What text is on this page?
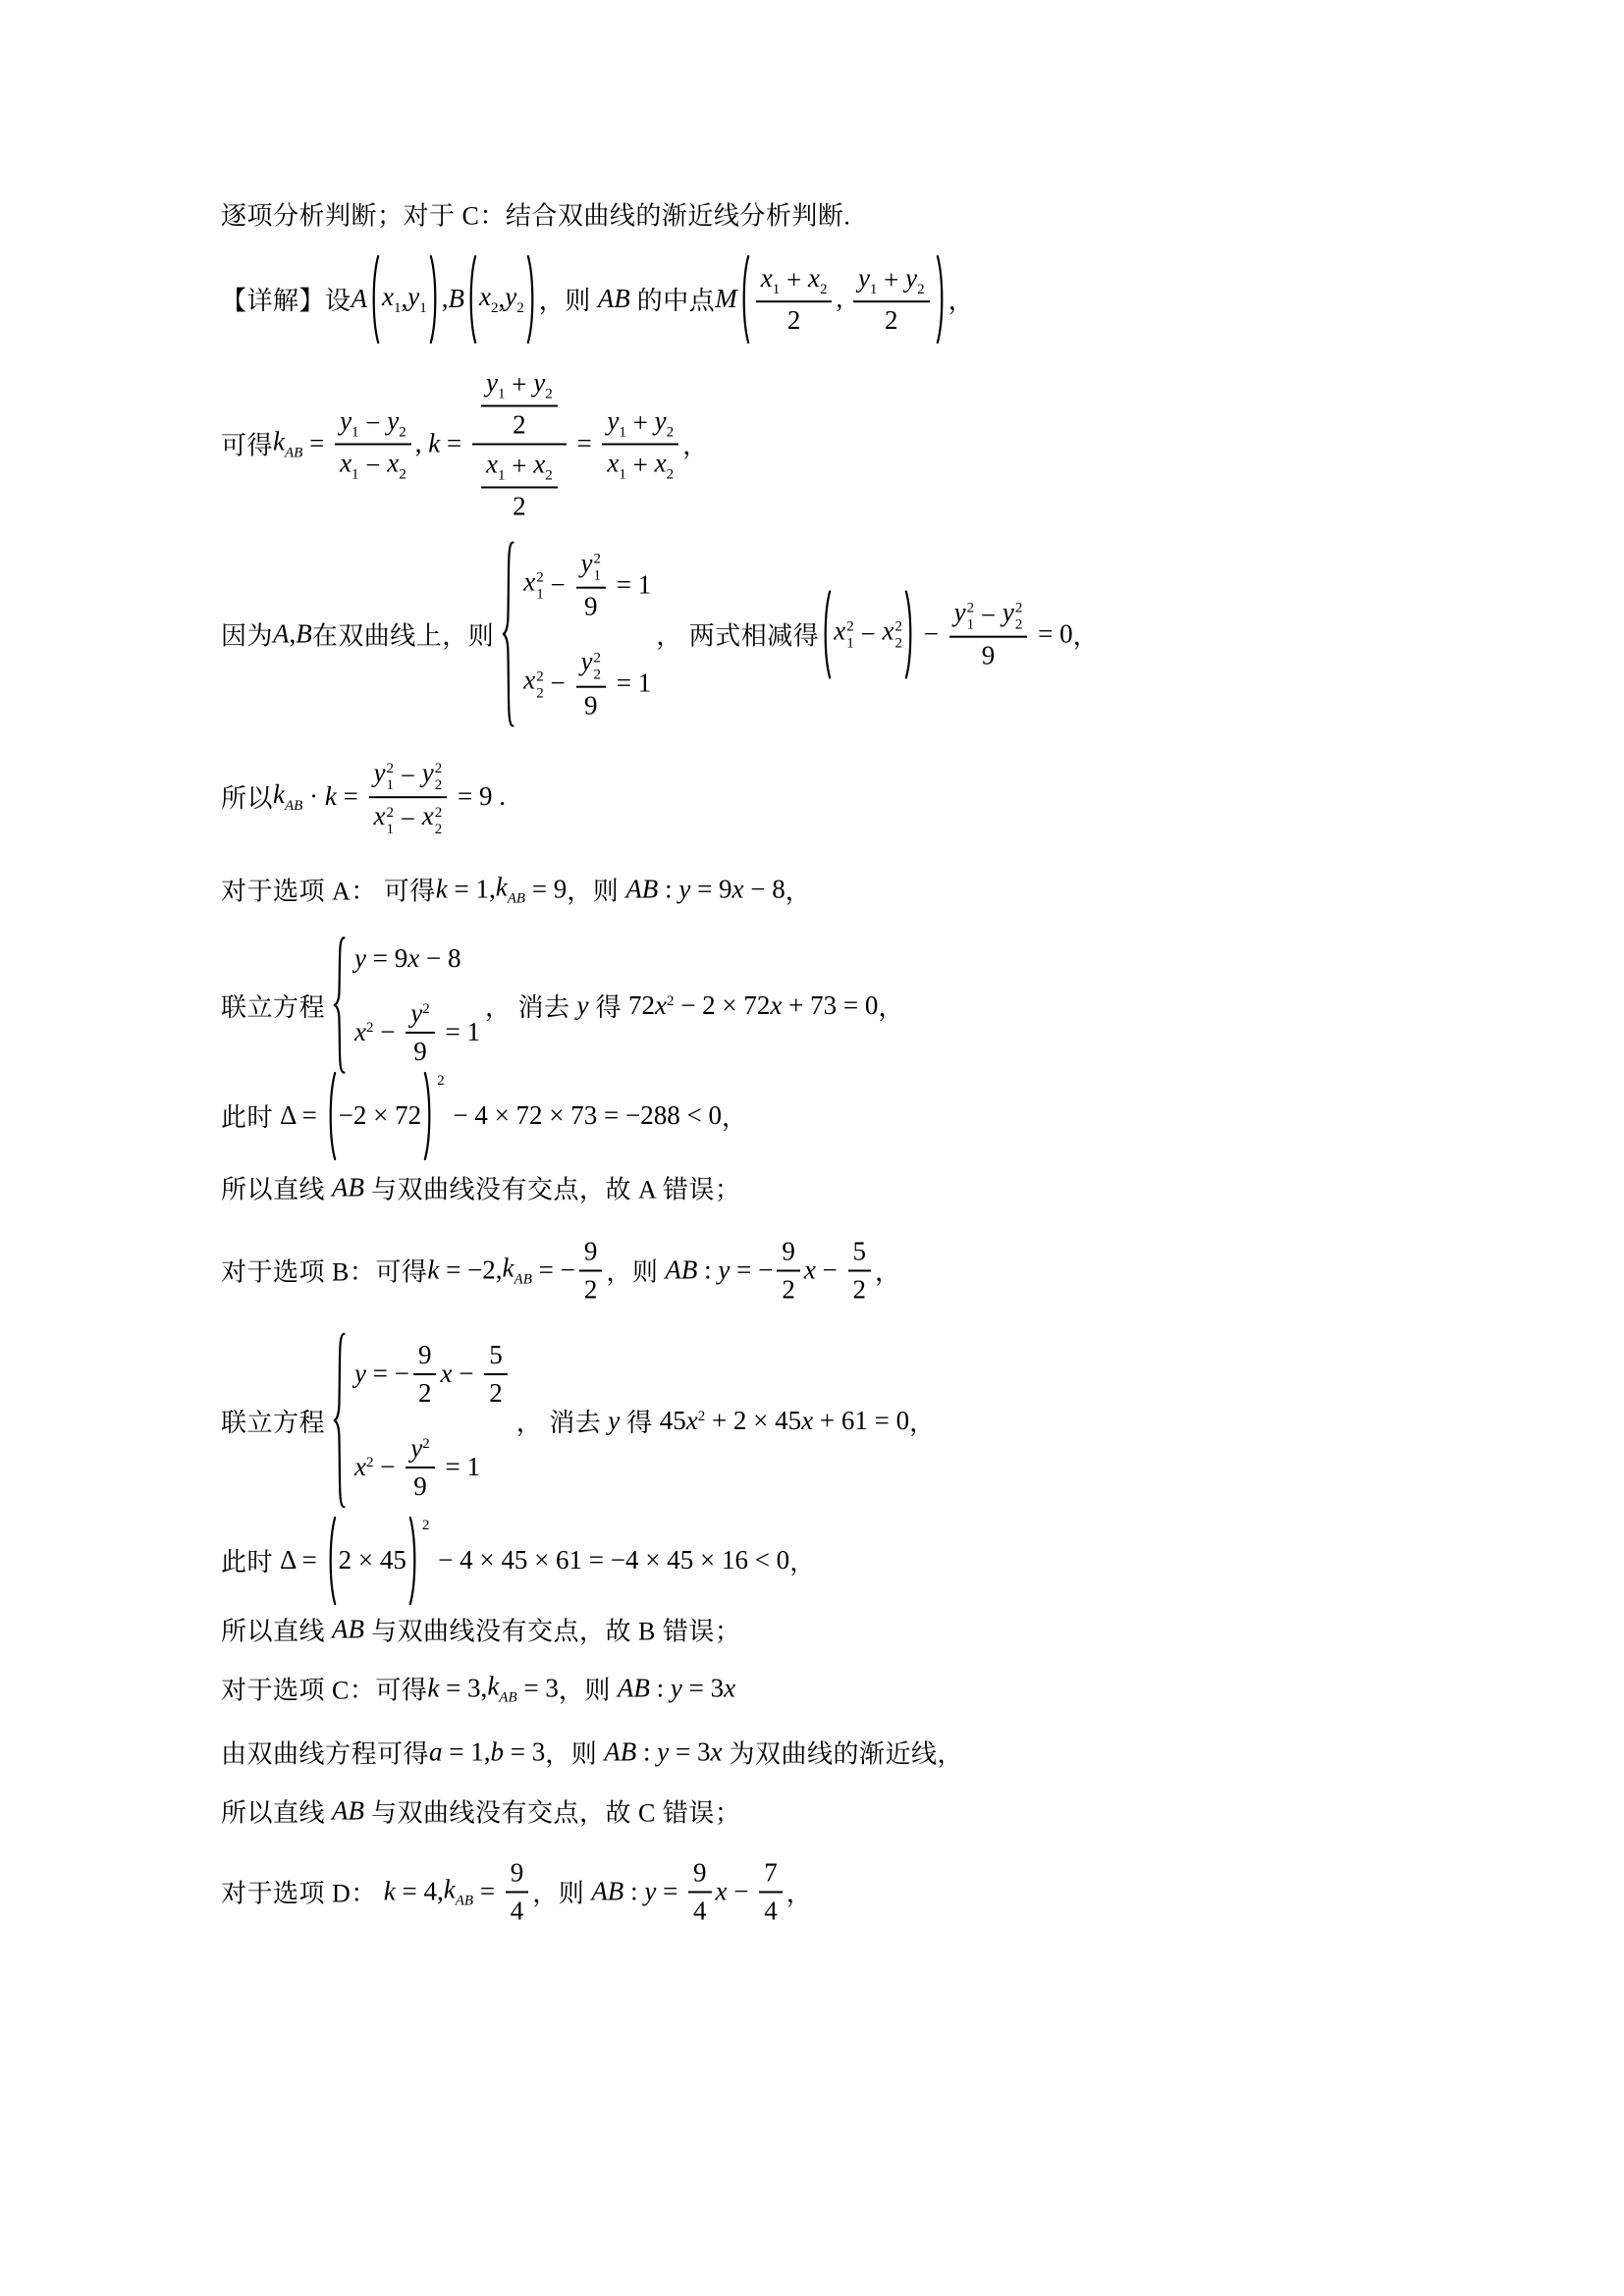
逐项分析判断；对于 C：结合双曲线的渐近线分析判断.
【详解】设 A $x_1$ , $y_1$ , B $x_2$ , $y_2$ ，则 AB 的中点 M $\frac{x_1 + x_2}{2}$ , $\frac{y_1 + y_2}{2}$ ，
可得 $k_{AB} = \frac{y_1 - y_2}{x_1 - x_2}$ , $k = \frac{\frac{y_1 + y_2}{2}}{\frac{x_1 + x_2}{2}} = \frac{y_1 + y_2}{x_1 + x_2}$ ，
因为 A , B 在双曲线上，则
x 2
1 − y 2
1
9 = 1
x 2
2 − y 2
2
9 = 1
， 两式相减得 x 2
1 − x 2
2 − y 2
1 − y 2
2
9 = 0 ，
所以 $k_{AB} \cdot k = y$ 2
1 − y 2
2
x 2
1 − x 2
2 = 9 .
对于选项 A： 可得 k = 1, $k_{AB} = 9$ ，则 AB : y = 9 x − 8 ，
联立方程
y = 9 x − 8
$x^2 - \frac{y^2}{9} = 1$
， 消去 y 得 72 $x^2 - 2 \times 72$ x + 73 = 0 ，
此时 Δ = −2 × 72
2
− 4 × 72 × 73 = −288 < 0 ，
所以直线 AB 与双曲线没有交点，故 A 错误；
对于选项 B：可得 k = −2, $k_{AB}$ = − $\frac{9}{2}$ ，则 AB : y = − $\frac{9}{2}$ $x - \frac{5}{2}$ ，
联立方程
y = − $\frac{9}{2}$ $x - \frac{5}{2}$
$x^2 - \frac{y^2}{9} = 1$
， 消去 y 得 45 $x^2 + 2 \times 45$ x + 61 = 0 ，
此时 Δ = 2 × 45
2
− 4 × 45 × 61 = −4 × 45 × 16 < 0 ，
所以直线 AB 与双曲线没有交点，故 B 错误；
对于选项 C：可得 k = 3, $k_{AB} = 3$ ，则 AB : y = 3 x
由双曲线方程可得 a = 1, b = 3 ，则 AB : y = 3 x 为双曲线的渐近线，
所以直线 AB 与双曲线没有交点，故 C 错误；
对于选项 D： k = 4, $k_{AB} = \frac{9}{4}$ ，则 AB : $y = \frac{9}{4}$ $x - \frac{7}{4}$ ，
